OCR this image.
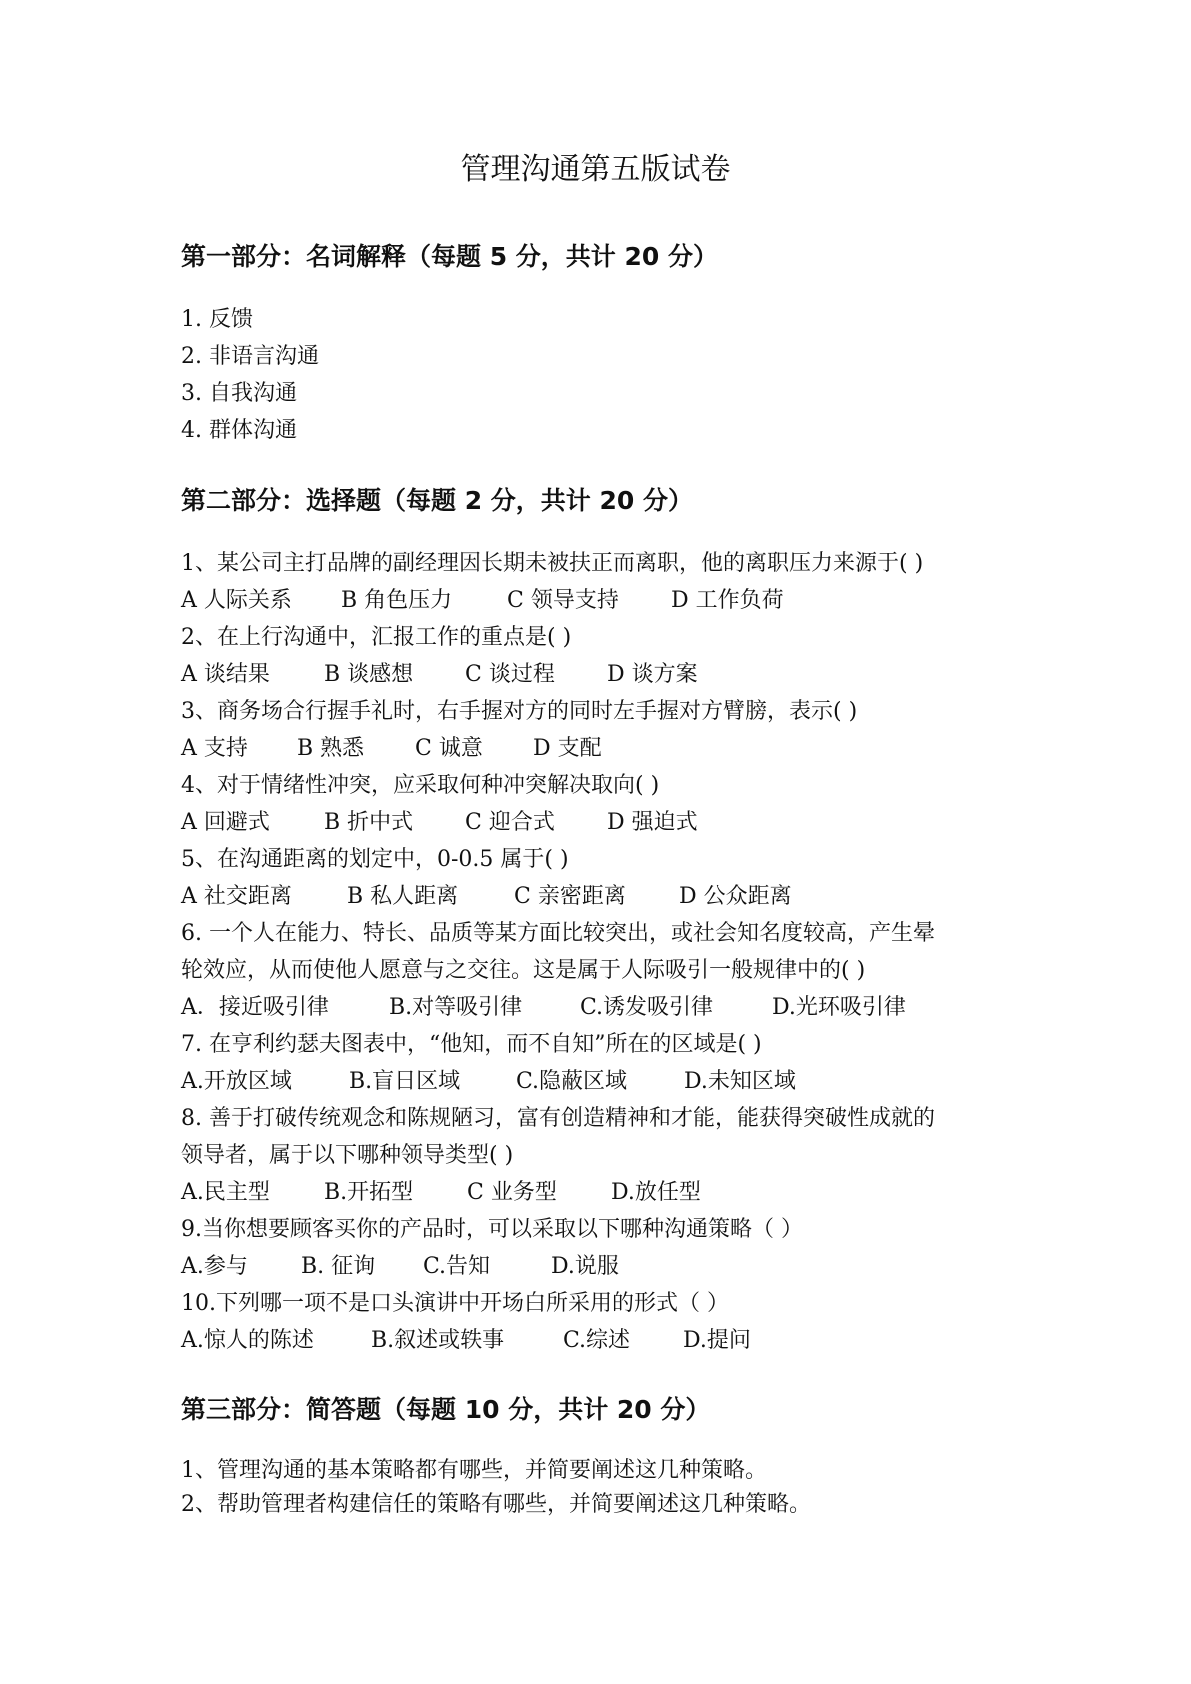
管理沟通第五版试卷
第一部分：名词解释（每题 5 分，共计 20 分）
1. 反馈
2. 非语言沟通
3. 自我沟通
4. 群体沟通
第二部分：选择题（每题 2 分，共计 20 分）
1、某公司主打品牌的副经理因长期未被扶正而离职，他的离职压力来源于( )
A 人际关系 B 角色压力 C 领导支持 D 工作负荷
2、在上行沟通中，汇报工作的重点是( )
A 谈结果 B 谈感想 C 谈过程 D 谈方案
3、商务场合行握手礼时，右手握对方的同时左手握对方臂膀，表示( )
A 支持 B 熟悉 C 诚意 D 支配
4、对于情绪性冲突，应采取何种冲突解决取向( )
A 回避式 B 折中式 C 迎合式 D 强迫式
5、在沟通距离的划定中，0-0.5 属于( )
A 社交距离	B 私人距离	C 亲密距离 D 公众距离
6. 一个人在能力、特长、品质等某方面比较突出，或社会知名度较高，产生晕
轮效应，从而使他人愿意与之交往。这是属于人际吸引一般规律中的( )
A．接近吸引律	B.对等吸引律	C.诱发吸引律	D.光环吸引律
7. 在亨利约瑟夫图表中，“他知，而不自知”所在的区域是( )
A.开放区域	B.盲日区域	C.隐蔽区域	D.未知区域
8. 善于打破传统观念和陈规陋习，富有创造精神和才能，能获得突破性成就的
领导者，属于以下哪种领导类型( )
A.民主型 B.开拓型 C 业务型 D.放任型
9.当你想要顾客买你的产品时，可以采取以下哪种沟通策略（ ）
A.参与 B. 征询 C.告知	D.说服
10.下列哪一项不是口头演讲中开场白所采用的形式（ ）
A.惊人的陈述	B.叙述或轶事	C.综述 D.提问
第三部分：简答题（每题 10 分，共计 20 分）
1、管理沟通的基本策略都有哪些，并简要阐述这几种策略。
2、帮助管理者构建信任的策略有哪些，并简要阐述这几种策略。
